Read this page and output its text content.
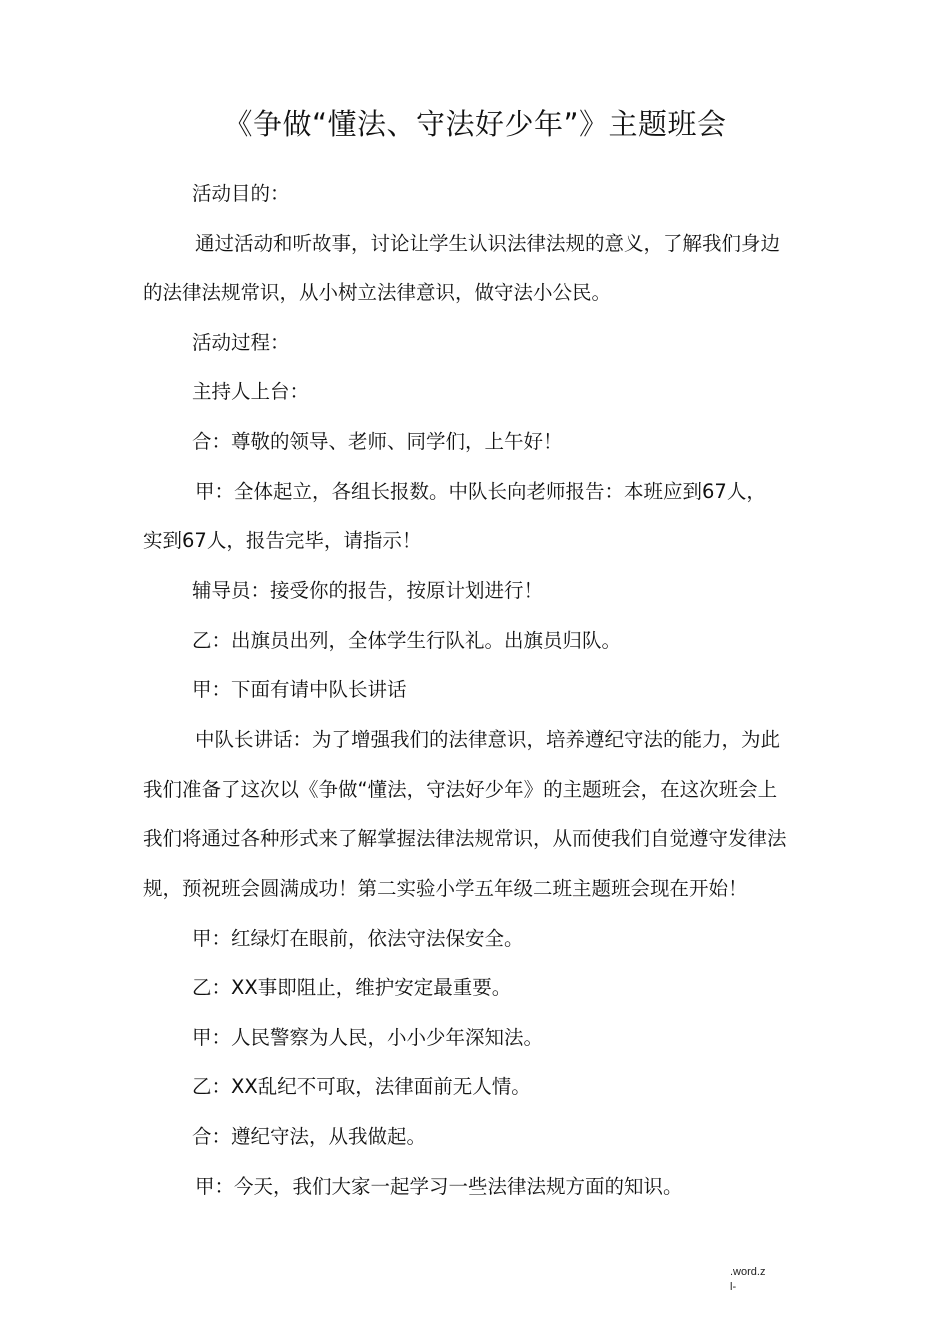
《争做“懂法、守法好少年”》主题班会

活动目的：

通过活动和听故事，讨论让学生认识法律法规的意义，了解我们身边

的法律法规常识，从小树立法律意识，做守法小公民。

活动过程：

主持人上台：

合：尊敬的领导、老师、同学们，上午好！

甲：全体起立，各组长报数。中队长向老师报告：本班应到67人，

实到67人，报告完毕，请指示！

辅导员：接受你的报告，按原计划进行！

乙：出旗员出列，全体学生行队礼。出旗员归队。

甲：下面有请中队长讲话

中队长讲话：为了增强我们的法律意识，培养遵纪守法的能力，为此

我们准备了这次以《争做“懂法，守法好少年》的主题班会，在这次班会上

我们将通过各种形式来了解掌握法律法规常识，从而使我们自觉遵守发律法

规，预祝班会圆满成功！第二实验小学五年级二班主题班会现在开始！

甲：红绿灯在眼前，依法守法保安全。

乙：XX事即阻止，维护安定最重要。

甲：人民警察为人民，小小少年深知法。

乙：XX乱纪不可取，法律面前无人情。

合：遵纪守法，从我做起。

甲：今天，我们大家一起学习一些法律法规方面的知识。

.word.z
l-
